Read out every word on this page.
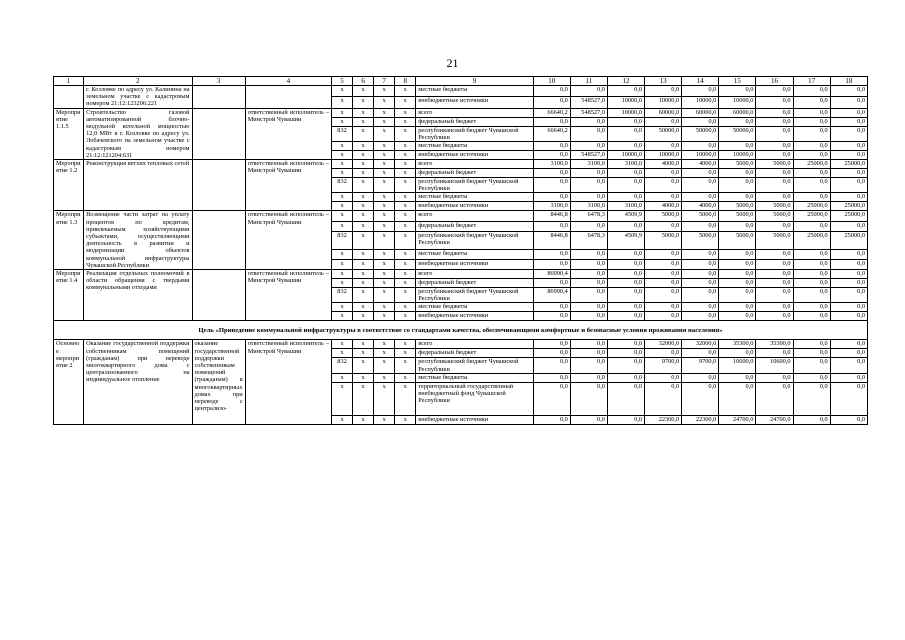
21
1	2	3	4	5	6	7	8	9	10	11	12	13	14	15	16	17	18
	г. Козловке по адресу ул. Калинина на земельном участке с кадастровым номером 21:12:123206:221			x	x	x	x	местные бюджеты	0,0	0,0	0,0	0,0	0,0	0,0	0,0	0,0	0,0
				x	x	x	x	внебюджетные источники	0,0	548527,0	10000,0	10000,0	10000,0	10000,0	0,0	0,0	0,0
Мероприятие 1.1.5	Строительство газовой автоматизированной блочно-модульной котельной мощностью 12,0 МВт в г. Козловке по адресу ул. Лобачевского на земельном участке с кадастровым номером 21:12:121204:631		ответственный исполнитель – Минстрой Чувашии	x	x	x	x	всего	66640,2	548527,0	10000,0	60000,0	60000,0	60000,0	0,0	0,0	0,0
				x	x	x	x	федеральный бюджет	0,0	0,0	0,0	0,0	0,0	0,0	0,0	0,0	0,0
				832	x	x	x	республиканский бюджет Чувашской Республики	66640,2	0,0	0,0	50000,0	50000,0	50000,0	0,0	0,0	0,0
				x	x	x	x	местные бюджеты	0,0	0,0	0,0	0,0	0,0	0,0	0,0	0,0	0,0
				x	x	x	x	внебюджетные источники	0,0	548527,0	10000,0	10000,0	10000,0	10000,0	0,0	0,0	0,0
Мероприятие 1.2	Реконструкция ветхих тепловых сетей		ответственный исполнитель – Минстрой Чувашии	x	x	x	x	всего	3100,0	3100,0	3100,0	4000,0	4000,0	5000,0	5000,0	25000,0	25000,0
				x	x	x	x	федеральный бюджет	0,0	0,0	0,0	0,0	0,0	0,0	0,0	0,0	0,0
				832	x	x	x	республиканский бюджет Чувашской Республики	0,0	0,0	0,0	0,0	0,0	0,0	0,0	0,0	0,0
				x	x	x	x	местные бюджеты	0,0	0,0	0,0	0,0	0,0	0,0	0,0	0,0	0,0
				x	x	x	x	внебюджетные источники	3100,0	3100,0	3100,0	4000,0	4000,0	5000,0	5000,0	25000,0	25000,0
Мероприятие 1.3	Возмещение части затрат на уплату процентов по кредитам, привлекаемым хозяйствующими субъектами, осуществляющими деятельность в развитии и модернизации объектов коммунальной инфраструктуры Чувашской Республики		ответственный исполнитель – Минстрой Чувашии	x	x	x	x	всего	8446,8	6478,3	4509,9	5000,0	5000,0	5000,0	5000,0	25000,0	25000,0
				x	x	x	x	федеральный бюджет	0,0	0,0	0,0	0,0	0,0	0,0	0,0	0,0	0,0
				832	x	x	x	республиканский бюджет Чувашской Республики	8446,8	6478,3	4509,9	5000,0	5000,0	5000,0	5000,0	25000,0	25000,0
				x	x	x	x	местные бюджеты	0,0	0,0	0,0	0,0	0,0	0,0	0,0	0,0	0,0
				x	x	x	x	внебюджетные источники	0,0	0,0	0,0	0,0	0,0	0,0	0,0	0,0	0,0
Мероприятие 1.4	Реализация отдельных полномочий в области обращения с твердыми коммунальными отходами		ответственный исполнитель – Минстрой Чувашии	x	x	x	x	всего	86990,4	0,0	0,0	0,0	0,0	0,0	0,0	0,0	0,0
				x	x	x	x	федеральный бюджет	0,0	0,0	0,0	0,0	0,0	0,0	0,0	0,0	0,0
				832	x	x	x	республиканский бюджет Чувашской Республики	86990,4	0,0	0,0	0,0	0,0	0,0	0,0	0,0	0,0
				x	x	x	x	местные бюджеты	0,0	0,0	0,0	0,0	0,0	0,0	0,0	0,0	0,0
				x	x	x	x	внебюджетные источники	0,0	0,0	0,0	0,0	0,0	0,0	0,0	0,0	0,0
Цель «Приведение коммунальной инфраструктуры в соответствие со стандартами качества, обеспечивающими комфортные и безопасные условия проживания населения»																	
Основное мероприятие 2	Оказание государственной поддержки собственникам помещений (гражданам) при переводе многоквартирного дома с централизованного на индивидуальное отопление	оказание государственной поддержки собственникам помещений (гражданам) в многоквартирных домах при переводе с централизо-	ответственный исполнитель – Минстрой Чувашии	x	x	x	x	всего	0,0	0,0	0,0	32000,0	32000,0	35300,0	35300,0	0,0	0,0
				x	x	x	x	федеральный бюджет	0,0	0,0	0,0	0,0	0,0	0,0	0,0	0,0	0,0
				832	x	x	x	республиканский бюджет Чувашской Республики	0,0	0,0	0,0	9700,0	9700,0	10600,0	10600,0	0,0	0,0
				x	x	x	x	местные бюджеты	0,0	0,0	0,0	0,0	0,0	0,0	0,0	0,0	0,0
				x	x	x	x	территориальный государственный внебюджетный фонд Чувашской Республики	0,0	0,0	0,0	0,0	0,0	0,0	0,0	0,0	0,0
				x	x	x	x	внебюджетные источники	0,0	0,0	0,0	22300,0	22300,0	24700,0	24700,0	0,0	0,0
